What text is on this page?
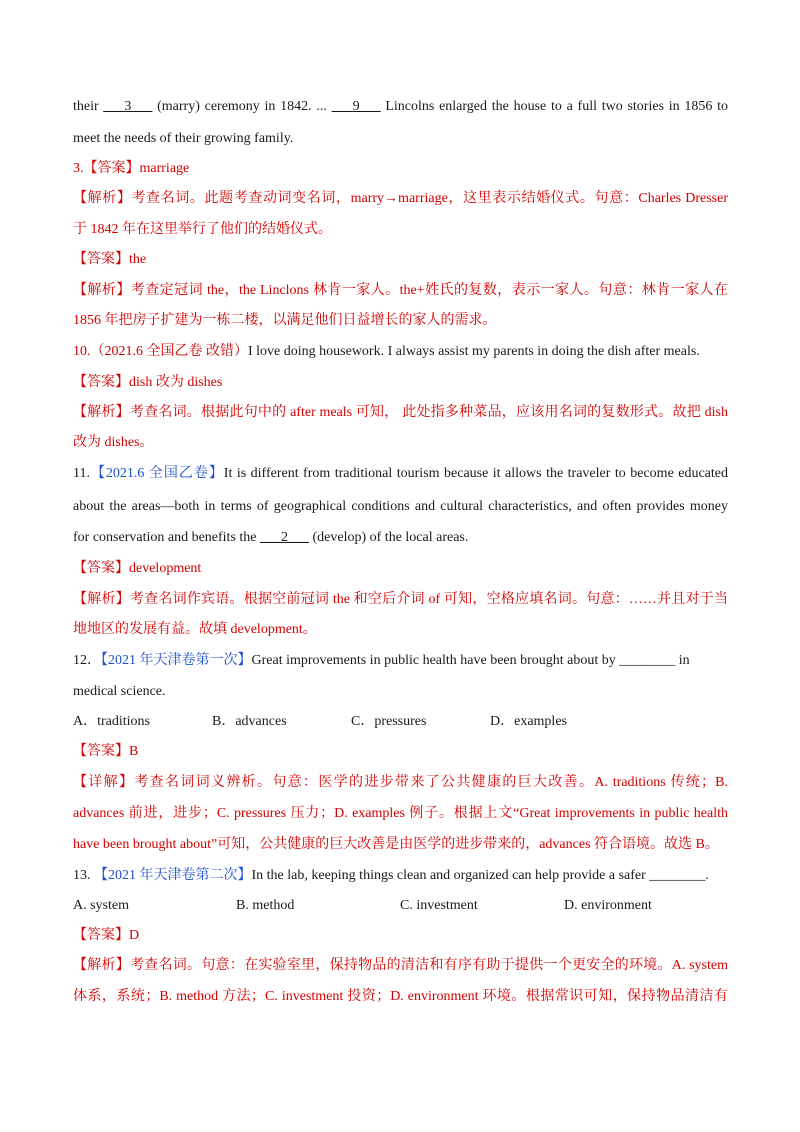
their ___3___ (marry) ceremony in 1842. ... ___9___ Lincolns enlarged the house to a full two stories in 1856 to
meet the needs of their growing family.
3.【答案】marriage
【解析】考查名词。此题考查动词变名词，marry→marriage，这里表示结婚仪式。句意：Charles Dresser
于 1842 年在这里举行了他们的结婚仪式。
【答案】the
【解析】考查定冠词 the，the Linclons 林肯一家人。the+姓氏的复数，表示一家人。句意：林肯一家人在
1856 年把房子扩建为一栋二楼，以满足他们日益增长的家人的需求。
10.（2021.6 全国乙卷 改错）I love doing housework. I always assist my parents in doing the dish after meals.
【答案】dish 改为 dishes
【解析】考查名词。根据此句中的 after meals 可知， 此处指多种菜品，应该用名词的复数形式。故把 dish
改为 dishes。
11.【2021.6 全国乙卷】It is different from traditional tourism because it allows the traveler to become educated
about the areas—both in terms of geographical conditions and cultural characteristics, and often provides money
for conservation and benefits the ___2___ (develop) of the local areas.
【答案】development
【解析】考查名词作宾语。根据空前冠词 the 和空后介词 of 可知，空格应填名词。句意：……并且对于当
地地区的发展有益。故填 development。
12．【2021 年天津卷第一次】Great improvements in public health have been brought about by ________ in
medical science.
A．traditions	B．advances	C．pressures	D．examples
【答案】B
【详解】考查名词词义辨析。句意：医学的进步带来了公共健康的巨大改善。A. traditions 传统；B.
advances 前进，进步；C. pressures 压力；D. examples 例子。根据上文“Great improvements in public health
have been brought about”可知，公共健康的巨大改善是由医学的进步带来的，advances 符合语境。故选 B。
13. 【2021 年天津卷第二次】In the lab, keeping things clean and organized can help provide a safer ________.
A. system	B. method	C. investment	D. environment
【答案】D
【解析】考查名词。句意：在实验室里，保持物品的清洁和有序有助于提供一个更安全的环境。A. system
体系，系统；B. method 方法；C. investment 投资；D. environment 环境。根据常识可知，保持物品清洁有
